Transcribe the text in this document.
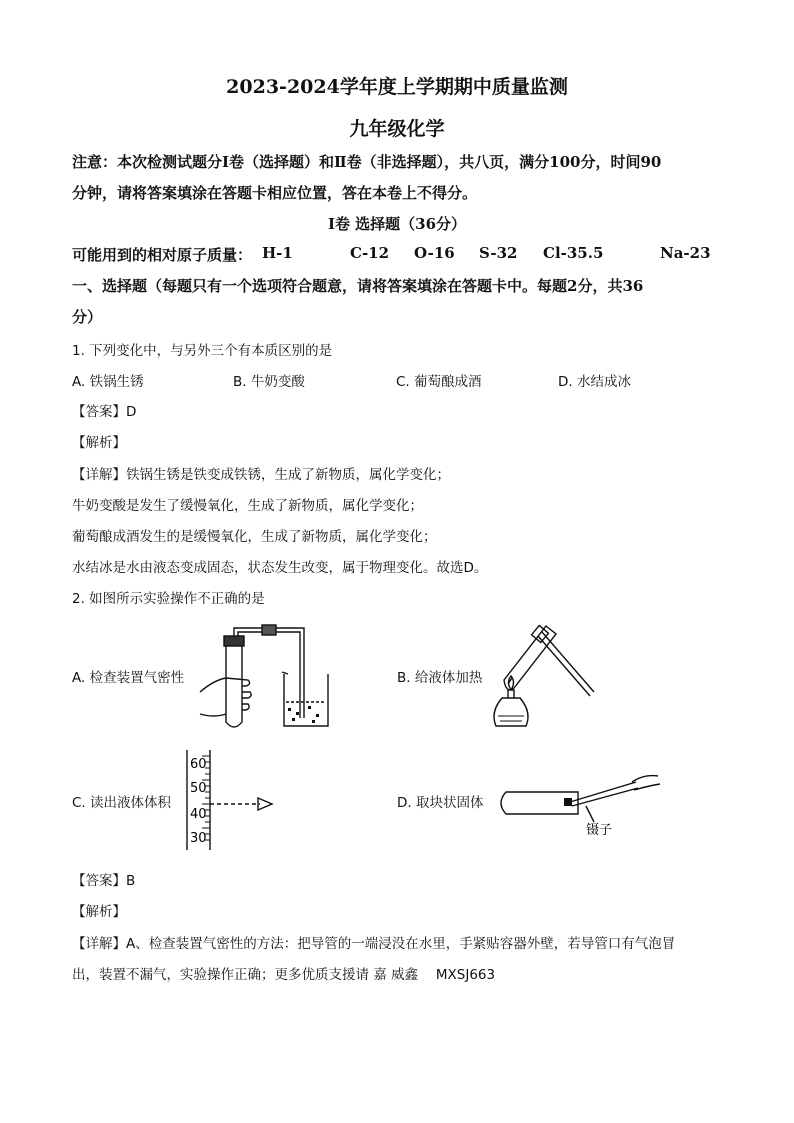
2023-2024学年度上学期期中质量监测
九年级化学
注意：本次检测试题分Ⅰ卷（选择题）和Ⅱ卷（非选择题），共八页，满分100分，时间90
分钟，请将答案填涂在答题卡相应位置，答在本卷上不得分。
Ⅰ卷 选择题（36分）
可能用到的相对原子质量： H-1	C-12 O-16 S-32 Cl-35.5	Na-23
一、选择题（每题只有一个选项符合题意，请将答案填涂在答题卡中。每题2分，共36
分）
1. 下列变化中，与另外三个有本质区别的是
A. 铁锅生锈	B. 牛奶变酸	C. 葡萄酿成酒	D. 水结成冰
【答案】D
【解析】
【详解】铁锅生锈是铁变成铁锈，生成了新物质，属化学变化；
牛奶变酸是发生了缓慢氧化，生成了新物质，属化学变化；
葡萄酿成酒发生的是缓慢氧化，生成了新物质，属化学变化；
水结冰是水由液态变成固态，状态发生改变，属于物理变化。故选D。
2. 如图所示实验操作不正确的是
A. 检查装置气密性	B. 给液体加热
C. 读出液体体积	D. 取块状固体
60
50
40
30
镊子
【答案】B
【解析】
【详解】A、检查装置气密性的方法：把导管的一端浸没在水里，手紧贴容器外壁，若导管口有气泡冒
出，装置不漏气，实验操作正确；更多优质支援请 嘉 威鑫 　MXSJ663
